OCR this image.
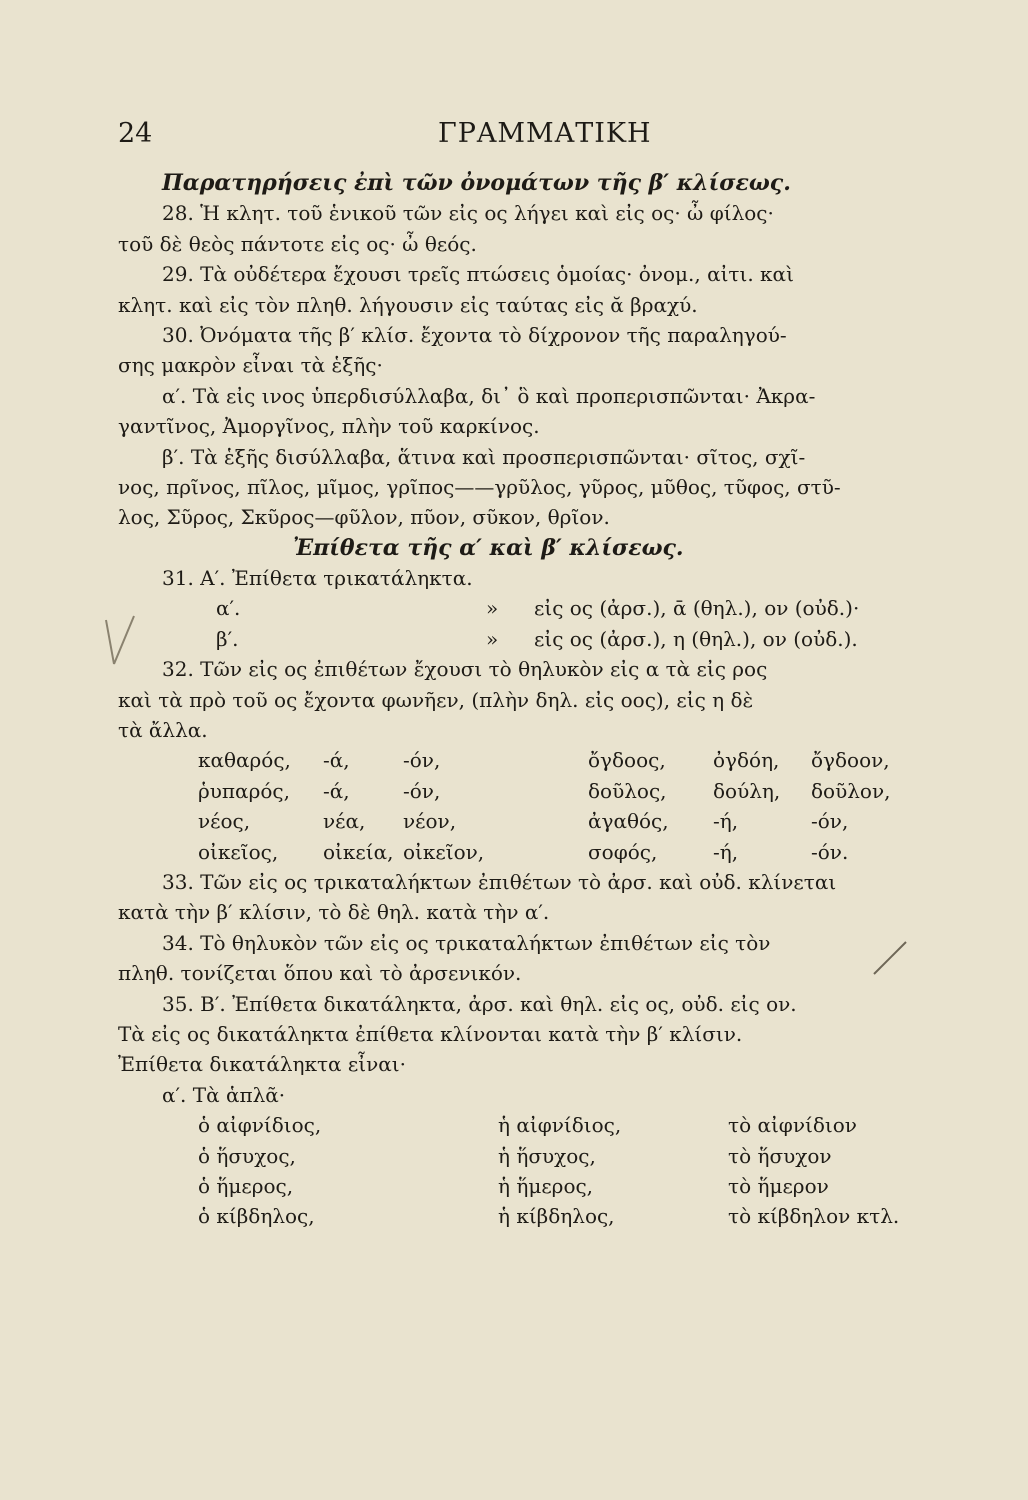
24	ΓΡΑΜΜΑΤΙΚΗ
Παρατηρήσεις ἐπὶ τῶν ὀνομάτων τῆς β′ κλίσεως.
28. Ἡ κλητ. τοῦ ἑνικοῦ τῶν εἰς ος λήγει καὶ εἰς ος· ὦ φίλος·
τοῦ δὲ θεὸς πάντοτε εἰς ος· ὦ θεός.
29. Τὰ οὐδέτερα ἔχουσι τρεῖς πτώσεις ὁμοίας· ὀνομ., αἰτι. καὶ
κλητ. καὶ εἰς τὸν πληθ. λήγουσιν εἰς ταύτας εἰς ᾰ βραχύ.
30. Ὀνόματα τῆς β′ κλίσ. ἔχοντα τὸ δίχρονον τῆς παραληγού-
σης μακρὸν εἶναι τὰ ἑξῆς·
α′. Τὰ εἰς ινος ὑπερδισύλλαβα, δι᾽ ὃ καὶ προπερισπῶνται· Ἀκρα-
γαντῖνος, Ἀμοργῖνος, πλὴν τοῦ καρκίνος.
β′. Τὰ ἑξῆς δισύλλαβα, ἅτινα καὶ προσπερισπῶνται· σῖτος, σχῖ-
νος, πρῖνος, πῖλος, μῖμος, γρῖπος——γρῦλος, γῦρος, μῦθος, τῦφος, στῦ-
λος, Σῦρος, Σκῦρος—φῦλον, πῦον, σῦκον, θρῖον.
Ἐπίθετα τῆς α′ καὶ β′ κλίσεως.
31. Α′. Ἐπίθετα τρικατάληκτα.
α′.	»	εἰς ος (ἀρσ.), ᾱ (θηλ.), ον (οὐδ.)·
β′.	»	εἰς ος (ἀρσ.), η (θηλ.), ον (οὐδ.).
32. Τῶν εἰς ος ἐπιθέτων ἔχουσι τὸ θηλυκὸν εἰς α τὰ εἰς ρος
καὶ τὰ πρὸ τοῦ ος ἔχοντα φωνῆεν, (πλὴν δηλ. εἰς οος), εἰς η δὲ
τὰ ἄλλα.
καθαρός,	-ά,	-όν,	ὄγδοος,	ὀγδόη,	ὄγδοον,
ῥυπαρός,	-ά,	-όν,	δοῦλος,	δούλη,	δοῦλον,
νέος,	νέα,	νέον,	ἀγαθός,	-ή,	-όν,
οἰκεῖος,	οἰκεία, οἰκεῖον,	σοφός,	-ή,	-όν.
33. Τῶν εἰς ος τρικαταλήκτων ἐπιθέτων τὸ ἀρσ. καὶ οὐδ. κλίνεται
κατὰ τὴν β′ κλίσιν, τὸ δὲ θηλ. κατὰ τὴν α′.
34. Τὸ θηλυκὸν τῶν εἰς ος τρικαταλήκτων ἐπιθέτων εἰς τὸν
πληθ. τονίζεται ὅπου καὶ τὸ ἀρσενικόν.
35. Β′. Ἐπίθετα δικατάληκτα, ἀρσ. καὶ θηλ. εἰς ος, οὐδ. εἰς ον.
Τὰ εἰς ος δικατάληκτα ἐπίθετα κλίνονται κατὰ τὴν β′ κλίσιν.
Ἐπίθετα δικατάληκτα εἶναι·
α′. Τὰ ἁπλᾶ·
ὁ αἰφνίδιος,	ἡ αἰφνίδιος,	τὸ αἰφνίδιον
ὁ ἥσυχος,	ἡ ἥσυχος,	τὸ ἥσυχον
ὁ ἥμερος,	ἡ ἥμερος,	τὸ ἥμερον
ὁ κίβδηλος,	ἡ κίβδηλος,	τὸ κίβδηλον κτλ.
